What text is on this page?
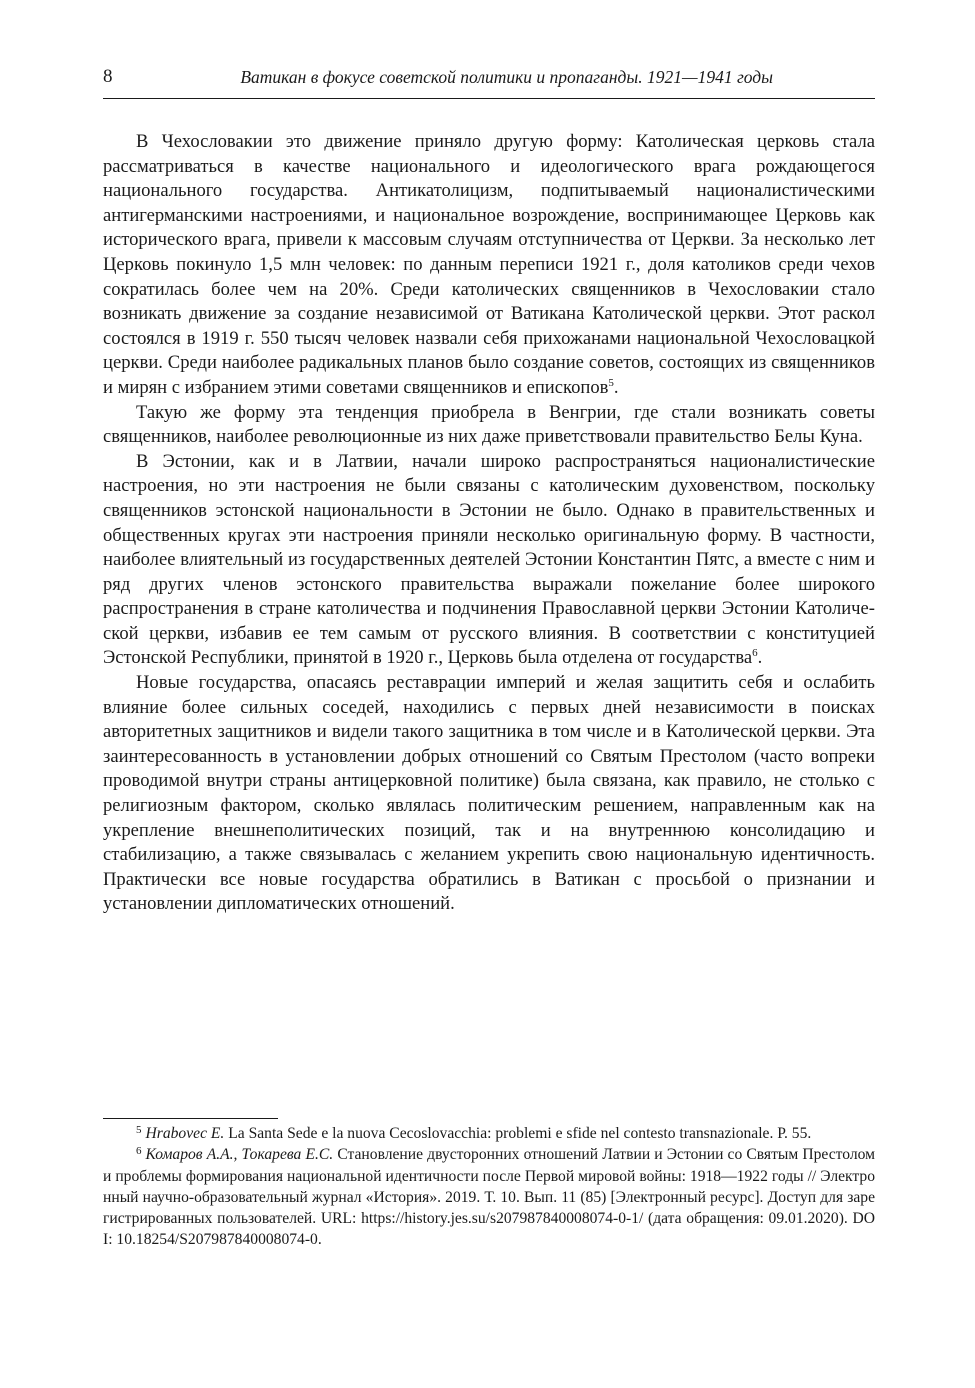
8	Ватикан в фокусе советской политики и пропаганды. 1921—1941 годы

В Чехословакии это движение приняло другую форму: Католическая церковь стала рассматриваться в качестве национального и идеологического врага рождающегося национального государства. Антикатолицизм, подпитываемый националистическими антигерманскими настроениями, и национальное возрождение, воспринимающее Церковь как исторического врага, привели к массовым случаям отступничества от Церкви. За несколько лет Церковь покинуло 1,5 млн человек: по данным переписи 1921 г., доля католиков среди чехов сократилась более чем на 20%. Среди католических священников в Чехословакии стало возникать движение за создание независимой от Ватикана Католической церкви. Этот раскол состоялся в 1919 г. 550 тысяч человек назвали себя прихожанами национальной Чехословацкой церкви. Среди наиболее радикальных планов было создание советов, состоящих из священников и мирян с избранием этими советами священников и епископов$^5$.

Такую же форму эта тенденция приобрела в Венгрии, где стали возникать советы священников, наиболее революционные из них даже приветствовали правительство Белы Куна.

В Эстонии, как и в Латвии, начали широко распространяться националистические настроения, но эти настроения не были связаны с католическим духовенством, поскольку священников эстонской национальности в Эстонии не было. Однако в правительственных и общественных кругах эти настроения приняли несколько оригинальную форму. В частности, наиболее влиятельный из государственных деятелей Эстонии Константин Пятс, а вместе с ним и ряд других членов эстонского правительства выражали пожелание более широкого распространения в стране католичества и подчинения Православной церкви Эстонии Католической церкви, избавив ее тем самым от русского влияния. В соответствии с конституцией Эстонской Республики, принятой в 1920 г., Церковь была отделена от государства$^6$.

Новые государства, опасаясь реставрации империй и желая защитить себя и ослабить влияние более сильных соседей, находились с первых дней независимости в поисках авторитетных защитников и видели такого защитника в том числе и в Католической церкви. Эта заинтересованность в установлении добрых отношений со Святым Престолом (часто вопреки проводимой внутри страны антицерковной политике) была связана, как правило, не столько с религиозным фактором, сколько являлась политическим решением, направленным как на укрепление внешнеполитических позиций, так и на внутреннюю консолидацию и стабилизацию, а также связывалась с желанием укрепить свою национальную идентичность. Практически все новые государства обратились в Ватикан с просьбой о признании и установлении дипломатических отношений.

$^5$ Hrabovec E. La Santa Sede e la nuova Cecoslovacchia: problemi e sfide nel contesto transnazionale. Р. 55.

$^6$ Комаров А.А., Токарева Е.С. Становление двусторонних отношений Латвии и Эстонии со Святым Престолом и проблемы формирования национальной идентичности после Первой мировой войны: 1918—1922 годы // Электронный научно-образовательный журнал «История». 2019. Т. 10. Вып. 11 (85) [Электронный ресурс]. Доступ для зарегистрированных пользователей. URL: https://history.jes.su/s207987840008074-0-1/ (дата обращения: 09.01.2020). DOI: 10.18254/S207987840008074-0.
